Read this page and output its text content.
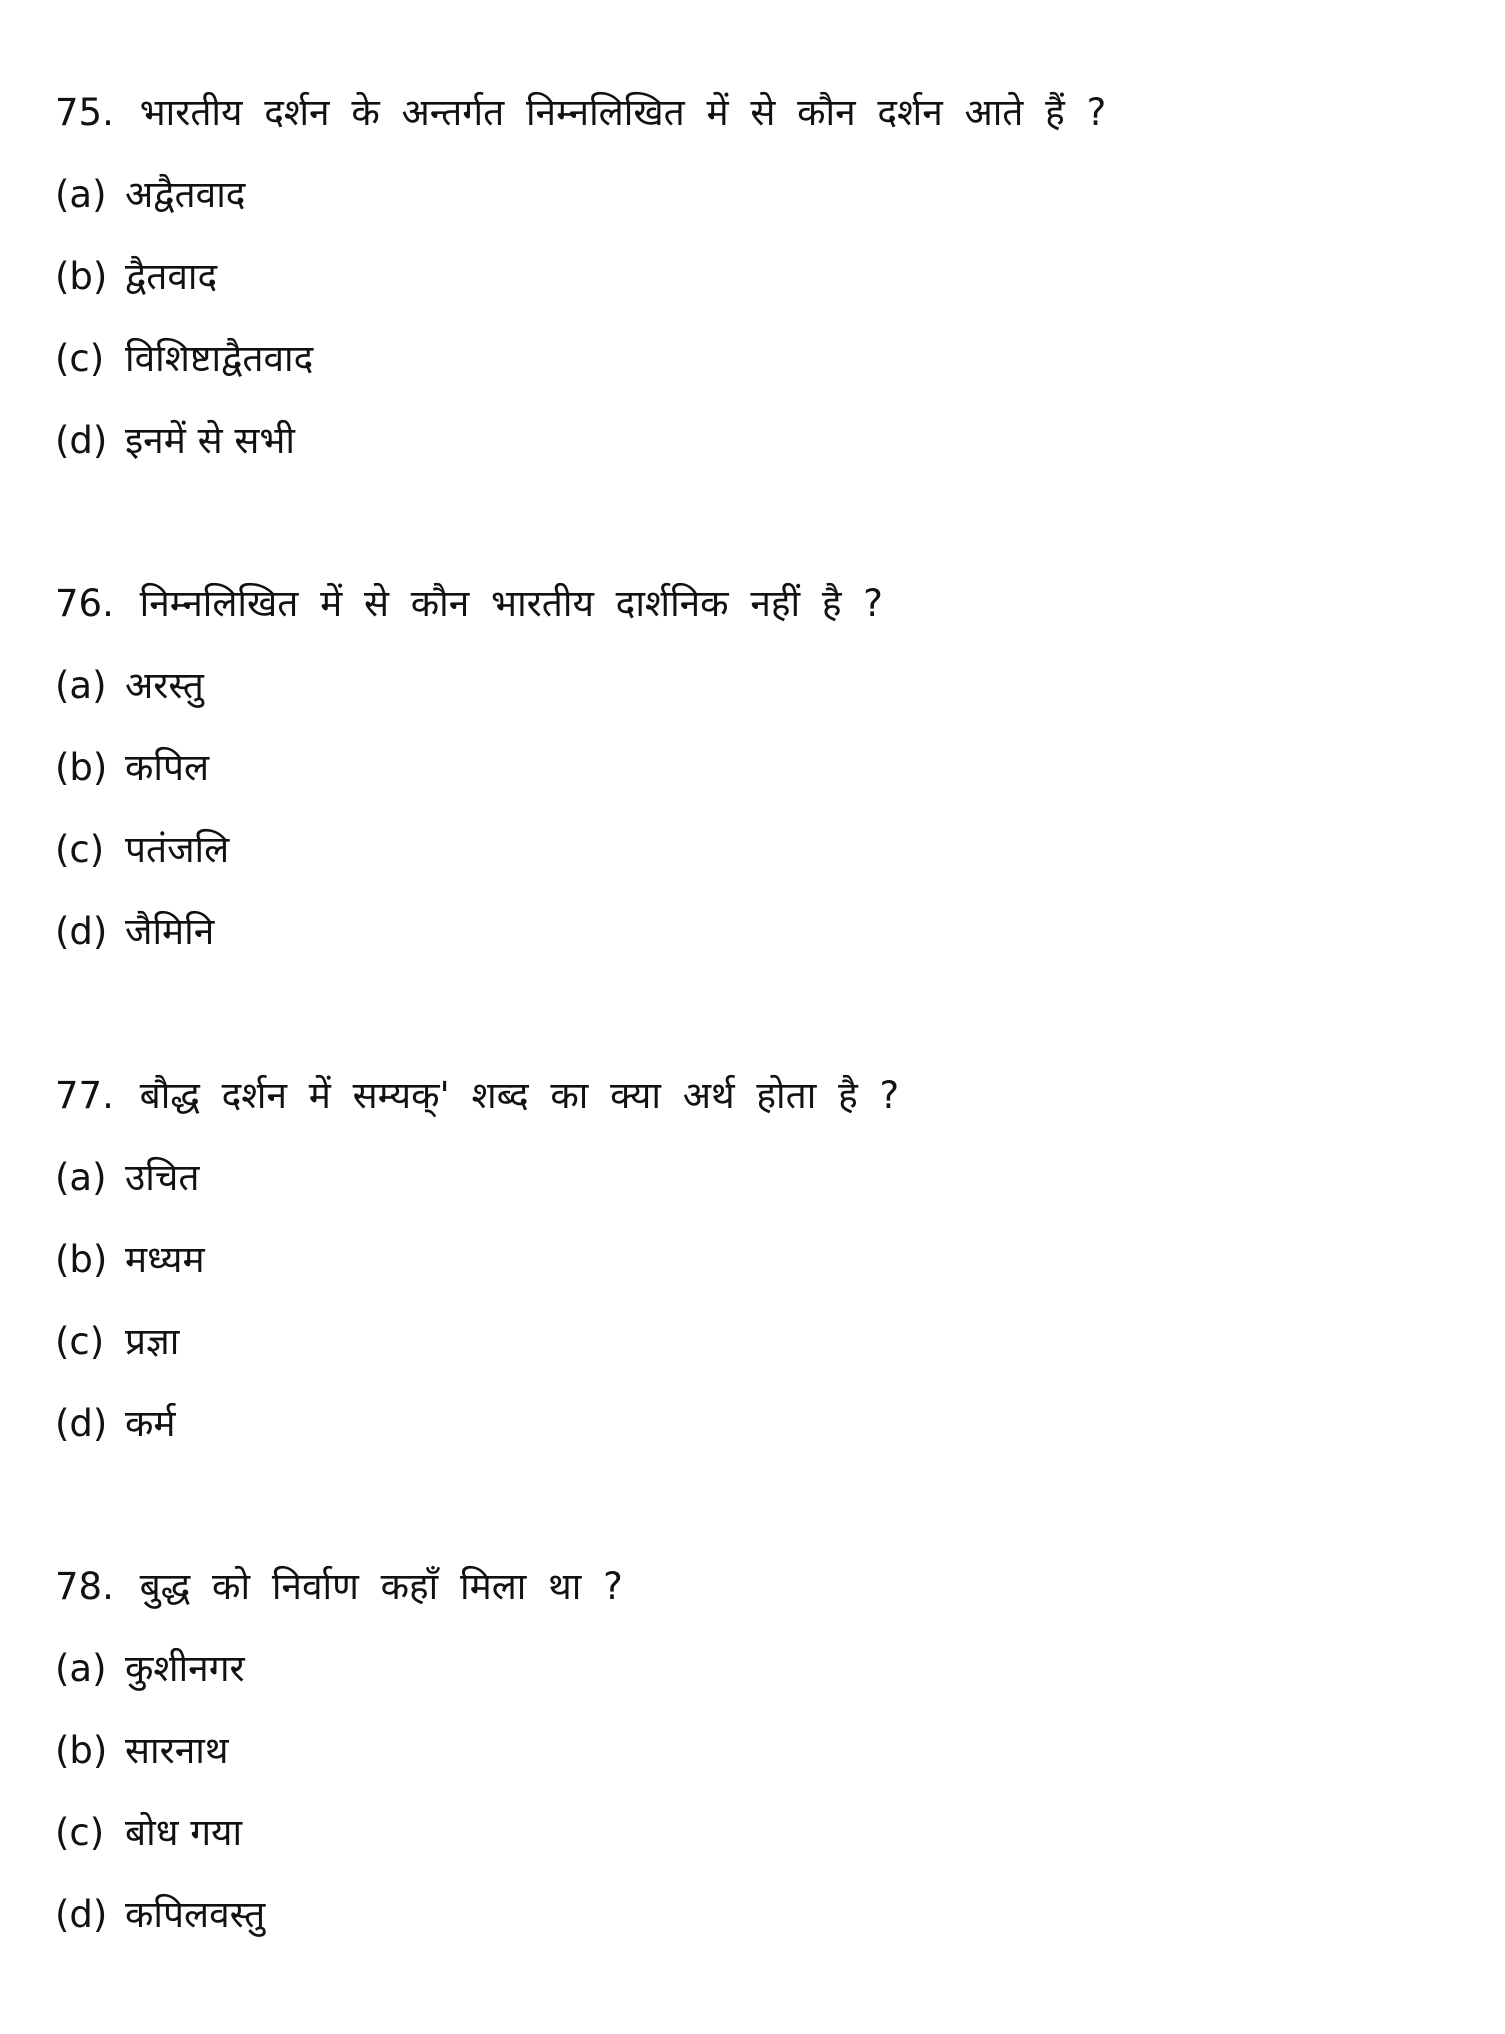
75. भारतीय दर्शन के अन्तर्गत निम्नलिखित में से कौन दर्शन आते हैं ?
(a) अद्वैतवाद
(b) द्वैतवाद
(c) विशिष्टाद्वैतवाद
(d) इनमें से सभी
76. निम्नलिखित में से कौन भारतीय दार्शनिक नहीं है ?
(a) अरस्तु
(b) कपिल
(c) पतंजलि
(d) जैमिनि
77. बौद्ध दर्शन में सम्यक्' शब्द का क्या अर्थ होता है ?
(a) उचित
(b) मध्यम
(c) प्रज्ञा
(d) कर्म
78. बुद्ध को निर्वाण कहाँ मिला था ?
(a) कुशीनगर
(b) सारनाथ
(c) बोध गया
(d) कपिलवस्तु
